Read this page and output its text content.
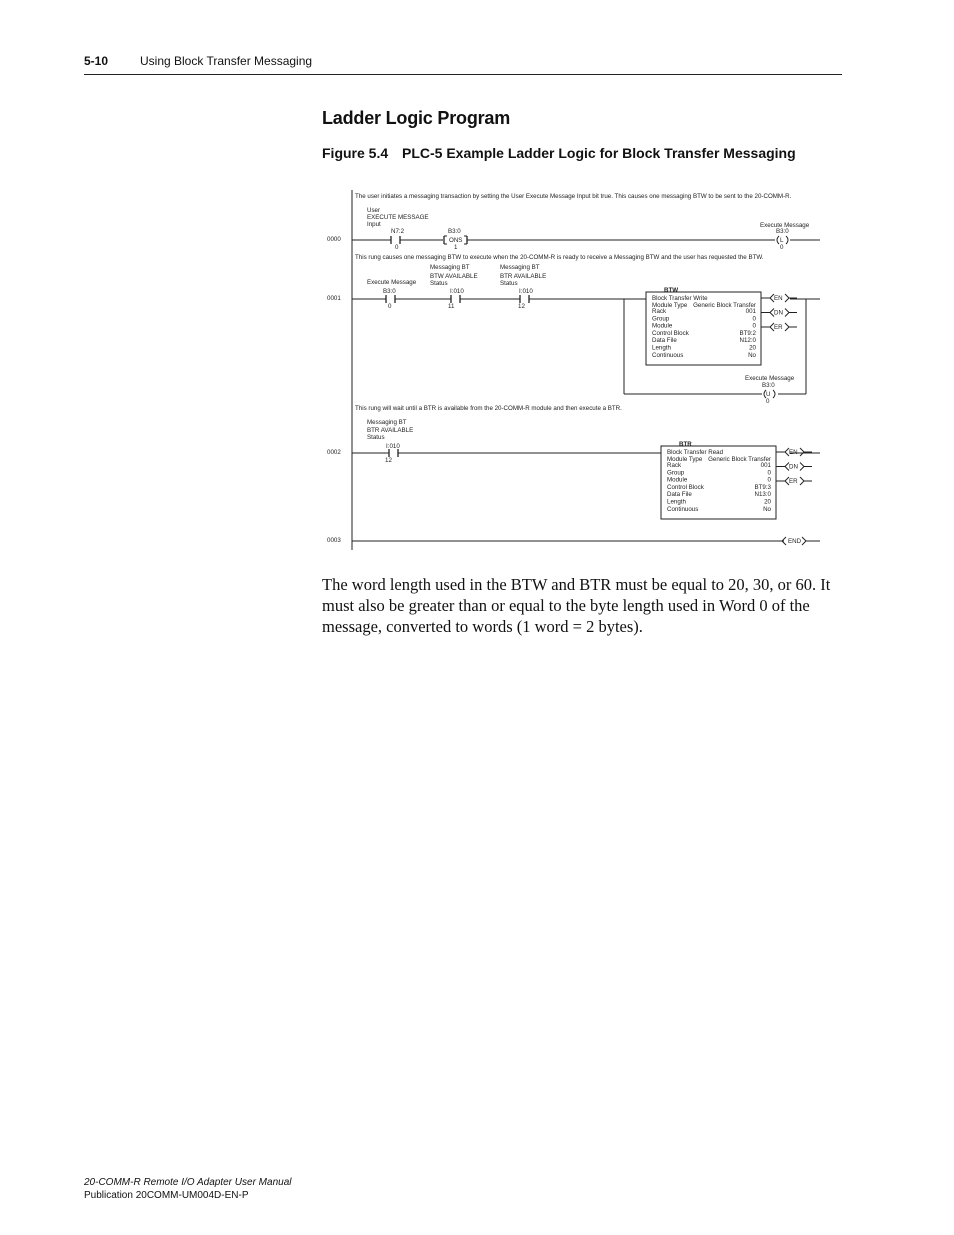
5-10	Using Block Transfer Messaging
Ladder Logic Program
Figure 5.4 PLC-5 Example Ladder Logic for Block Transfer Messaging
The user initiates a messaging transaction by setting the User Execute Message Input bit true. This causes one messaging BTW to be sent to the 20-COMM-R.
0000
User
EXECUTE MESSAGE
Input
N7:2
0
B3:0
ONS
1
Execute Message
B3:0
L
0
This rung causes one messaging BTW to execute when the 20-COMM-R is ready to receive a Messaging BTW and the user has requested the BTW.
0001
Execute Message
B3:0
0
Messaging BT
BTW AVAILABLE
Status
I:010
11
Messaging BT
BTR AVAILABLE
Status
I:010
12
BTW
Block Transfer Write
Module Type Generic Block Transfer
Rack	001
Group	0
Module	0
Control Block	BT9:2
Data File	N12:0
Length	20
Continuous	No
EN
DN
ER
Execute Message
B3:0
U
0
This rung will wait until a BTR is available from the 20-COMM-R module and then execute a BTR.
0002
Messaging BT
BTR AVAILABLE
Status
I:010
12
BTR
Block Transfer Read
Module Type Generic Block Transfer
Rack	001
Group	0
Module	0
Control Block	BT9:3
Data File	N13:0
Length	20
Continuous	No
EN
DN
ER
0003	END
The word length used in the BTW and BTR must be equal to 20, 30, or 60. It must also be greater than or equal to the byte length used in Word 0 of the message, converted to words (1 word = 2 bytes).
20-COMM-R Remote I/O Adapter User Manual
Publication 20COMM-UM004D-EN-P
